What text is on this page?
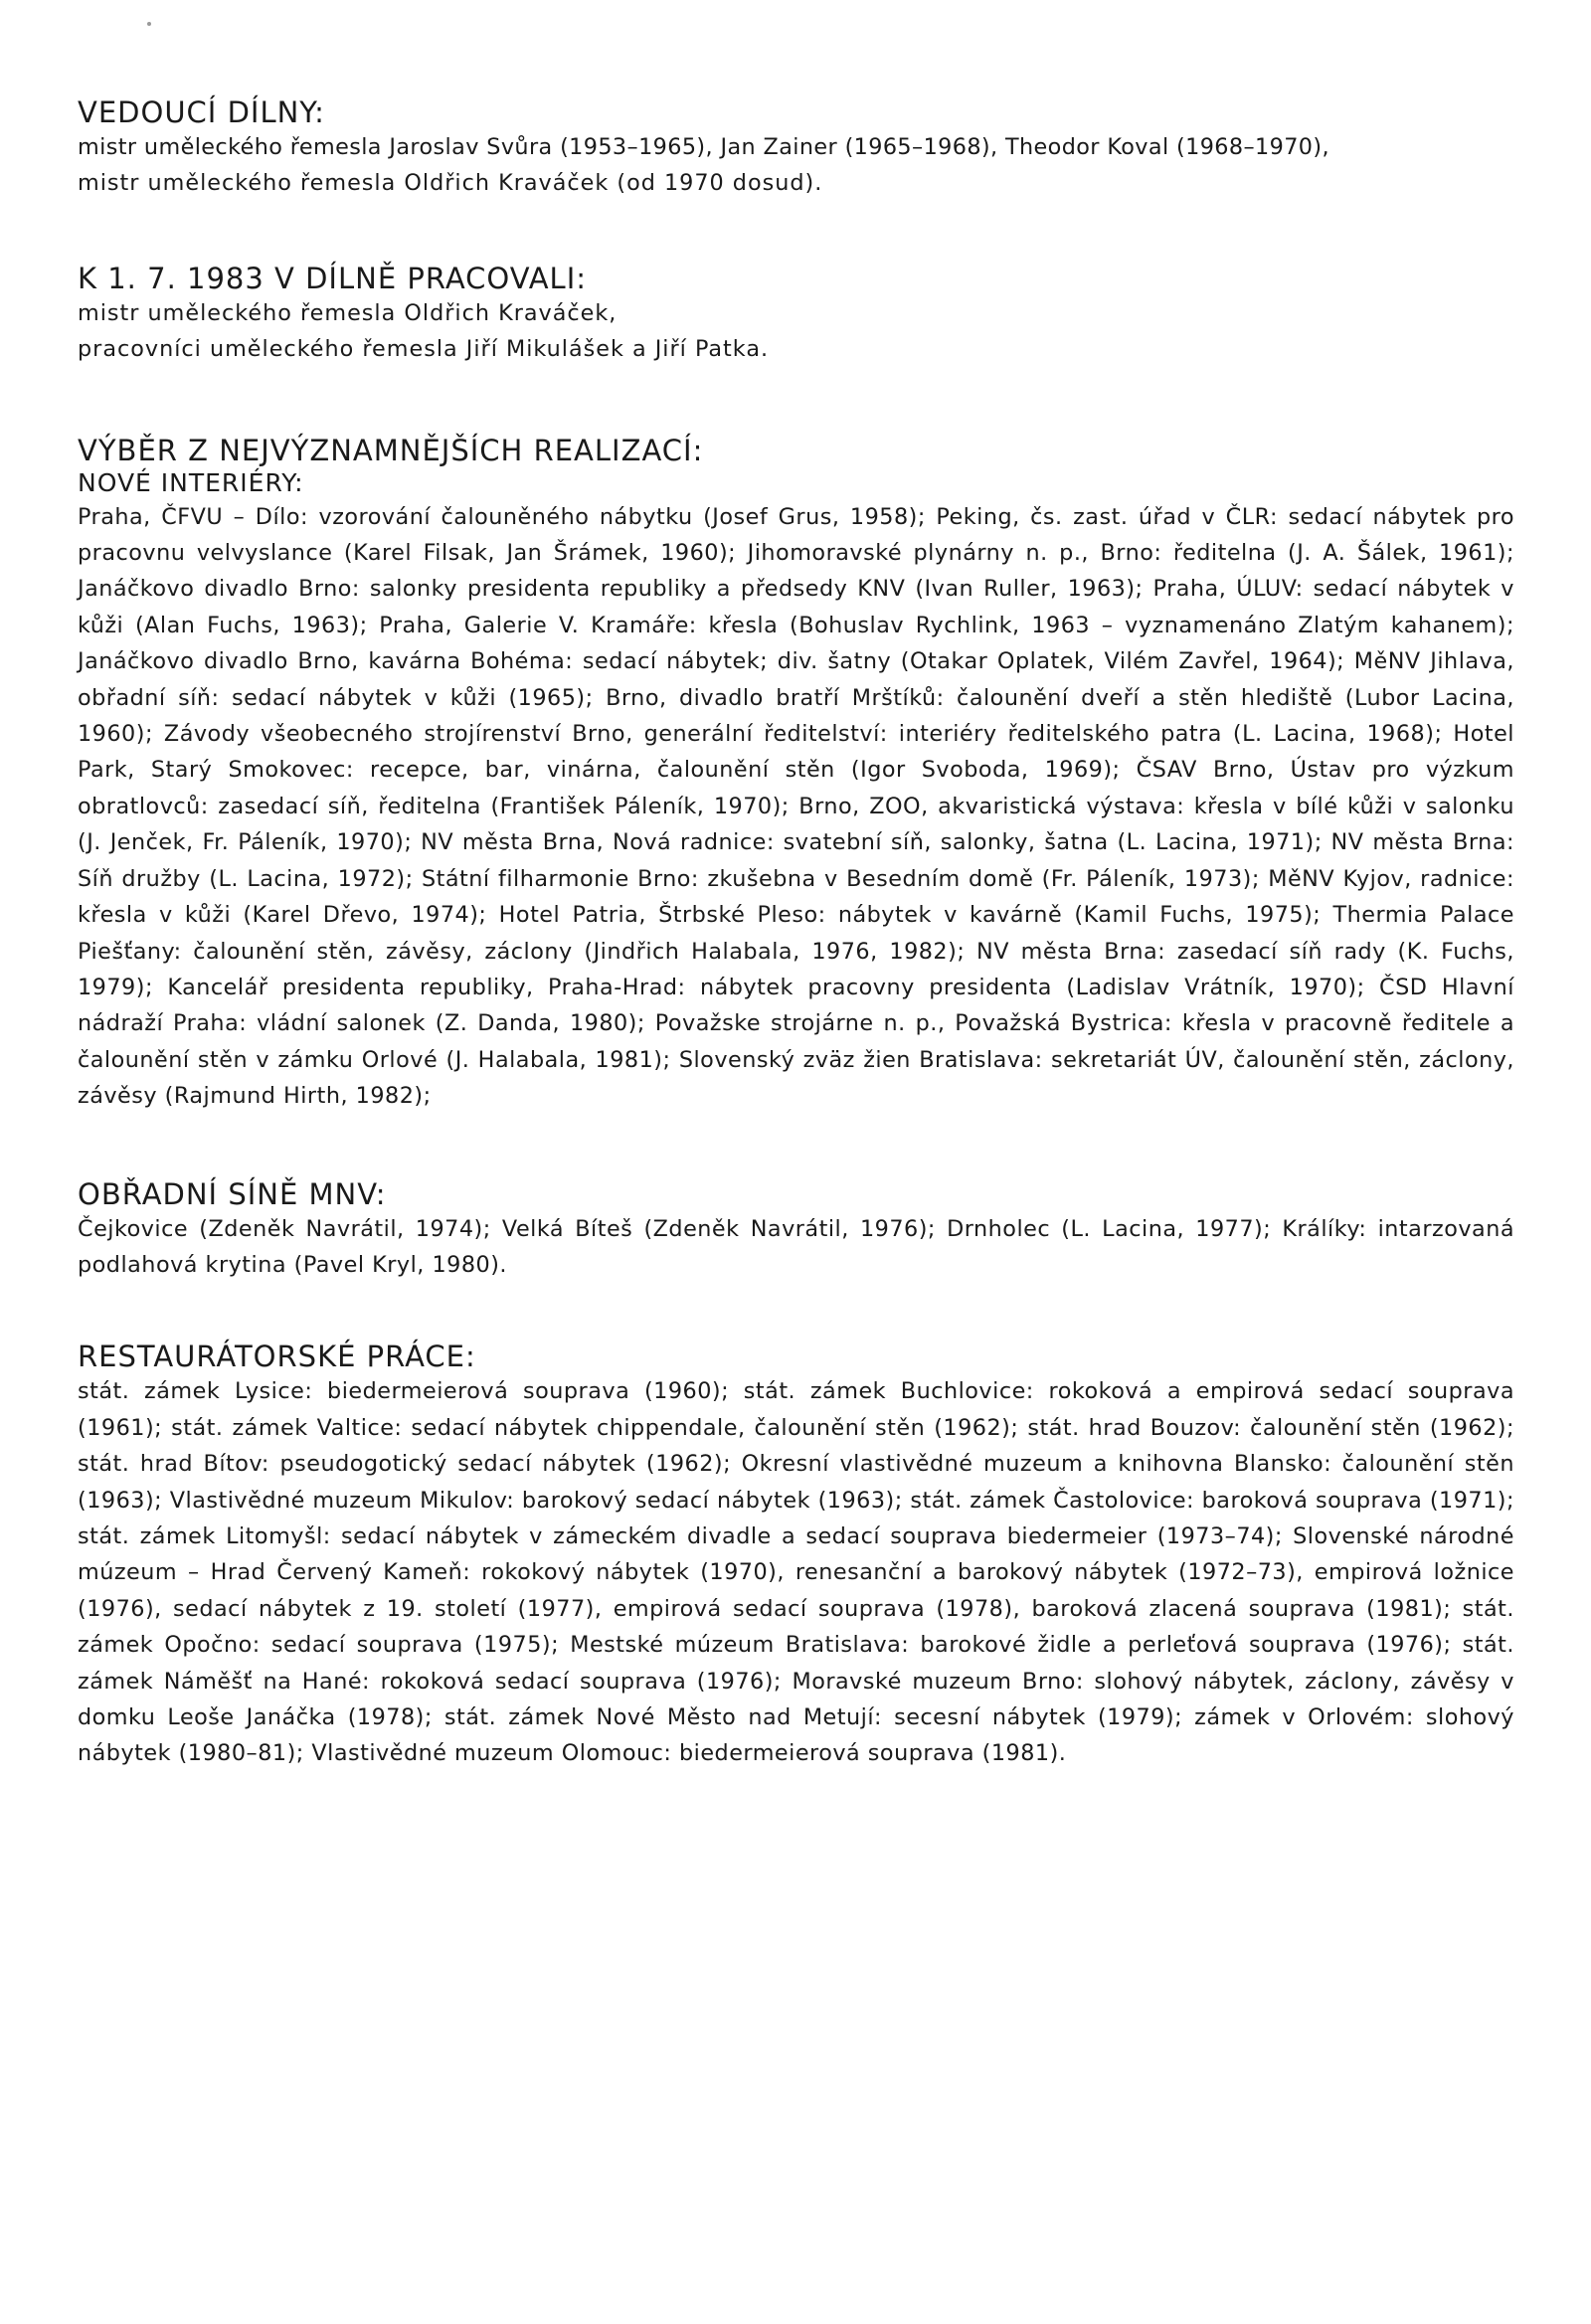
VEDOUCÍ DÍLNY:

mistr uměleckého řemesla Jaroslav Svůra (1953–1965), Jan Zainer (1965–1968), Theodor Koval (1968–1970),

mistr uměleckého řemesla Oldřich Kraváček (od 1970 dosud).

K 1. 7. 1983 V DÍLNĚ PRACOVALI:

mistr uměleckého řemesla Oldřich Kraváček,

pracovníci uměleckého řemesla Jiří Mikulášek a Jiří Patka.

VÝBĚR Z NEJVÝZNAMNĚJŠÍCH REALIZACÍ:
NOVÉ INTERIÉRY:

Praha, ČFVU – Dílo: vzorování čalouněného nábytku (Josef Grus, 1958); Peking, čs. zast. úřad v ČLR: sedací nábytek pro pracovnu velvyslance (Karel Filsak, Jan Šrámek, 1960); Jihomoravské plynárny n. p., Brno: ředitelna (J. A. Šálek, 1961); Janáčkovo divadlo Brno: salonky presidenta republiky a předsedy KNV (Ivan Ruller, 1963); Praha, ÚLUV: sedací nábytek v kůži (Alan Fuchs, 1963); Praha, Galerie V. Kramáře: křesla (Bohuslav Rychlink, 1963 – vyznamenáno Zlatým kahanem); Janáčkovo divadlo Brno, kavárna Bohéma: sedací nábytek; div. šatny (Otakar Oplatek, Vilém Zavřel, 1964); MěNV Jihlava, obřadní síň: sedací nábytek v kůži (1965); Brno, divadlo bratří Mrštíků: čalounění dveří a stěn hlediště (Lubor Lacina, 1960); Závody všeobecného strojírenství Brno, generální ředitelství: interiéry ředitelského patra (L. Lacina, 1968); Hotel Park, Starý Smokovec: recepce, bar, vinárna, čalounění stěn (Igor Svoboda, 1969); ČSAV Brno, Ústav pro výzkum obratlovců: zasedací síň, ředitelna (František Páleník, 1970); Brno, ZOO, akvaristická výstava: křesla v bílé kůži v salonku (J. Jenček, Fr. Páleník, 1970); NV města Brna, Nová radnice: svatební síň, salonky, šatna (L. Lacina, 1971); NV města Brna: Síň družby (L. Lacina, 1972); Státní filharmonie Brno: zkušebna v Besedním domě (Fr. Páleník, 1973); MěNV Kyjov, radnice: křesla v kůži (Karel Dřevo, 1974); Hotel Patria, Štrbské Pleso: nábytek v kavárně (Kamil Fuchs, 1975); Thermia Palace Piešťany: čalounění stěn, závěsy, záclony (Jindřich Halabala, 1976, 1982); NV města Brna: zasedací síň rady (K. Fuchs, 1979); Kancelář presidenta republiky, Praha-Hrad: nábytek pracovny presidenta (Ladislav Vrátník, 1970); ČSD Hlavní nádraží Praha: vládní salonek (Z. Danda, 1980); Považske strojárne n. p., Považská Bystrica: křesla v pracovně ředitele a čalounění stěn v zámku Orlové (J. Halabala, 1981); Slovenský zväz žien Bratislava: sekretariát ÚV, čalounění stěn, záclony, závěsy (Rajmund Hirth, 1982);

OBŘADNÍ SÍNĚ MNV:

Čejkovice (Zdeněk Navrátil, 1974); Velká Bíteš (Zdeněk Navrátil, 1976); Drnholec (L. Lacina, 1977); Králíky: intarzovaná podlahová krytina (Pavel Kryl, 1980).

RESTAURÁTORSKÉ PRÁCE:

stát. zámek Lysice: biedermeierová souprava (1960); stát. zámek Buchlovice: rokoková a empirová sedací souprava (1961); stát. zámek Valtice: sedací nábytek chippendale, čalounění stěn (1962); stát. hrad Bouzov: čalounění stěn (1962); stát. hrad Bítov: pseudogotický sedací nábytek (1962); Okresní vlastivědné muzeum a knihovna Blansko: čalounění stěn (1963); Vlastivědné muzeum Mikulov: barokový sedací nábytek (1963); stát. zámek Častolovice: baroková souprava (1971); stát. zámek Litomyšl: sedací nábytek v zámeckém divadle a sedací souprava biedermeier (1973–74); Slovenské národné múzeum – Hrad Červený Kameň: rokokový nábytek (1970), renesanční a barokový nábytek (1972–73), empirová ložnice (1976), sedací nábytek z 19. století (1977), empirová sedací souprava (1978), baroková zlacená souprava (1981); stát. zámek Opočno: sedací souprava (1975); Mestské múzeum Bratislava: barokové židle a perleťová souprava (1976); stát. zámek Náměšť na Hané: rokoková sedací souprava (1976); Moravské muzeum Brno: slohový nábytek, záclony, závěsy v domku Leoše Janáčka (1978); stát. zámek Nové Město nad Metují: secesní nábytek (1979); zámek v Orlovém: slohový nábytek (1980–81); Vlastivědné muzeum Olomouc: biedermeierová souprava (1981).
